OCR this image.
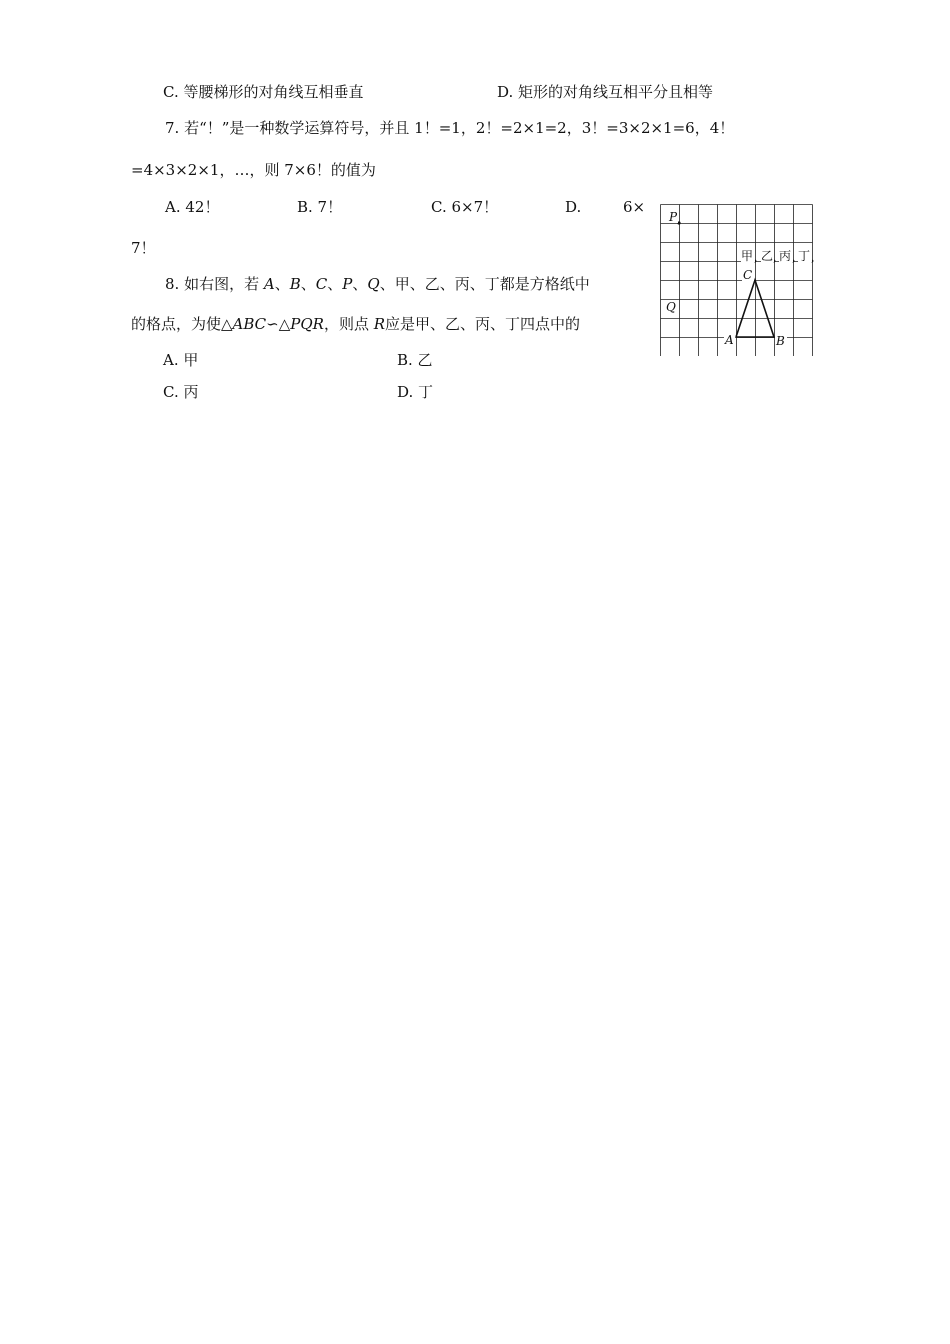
C. 等腰梯形的对角线互相垂直	D. 矩形的对角线互相平分且相等
7. 若“！”是一种数学运算符号，并且 1！=1，2！=2×1=2，3！=3×2×1=6，4！
=4×3×2×1，…，则 7×6！的值为
A. 42！	B. 7！	C. 6×7！	D.	6×
7！
8. 如右图，若 A、B、C、P、Q、甲、乙、丙、丁都是方格纸中
的格点，为使△ABC∽△PQR，则点 R应是甲、乙、丙、丁四点中的
A. 甲	B. 乙
C. 丙	D. 丁
P
Q
C
A	B
甲 乙 丙 丁
